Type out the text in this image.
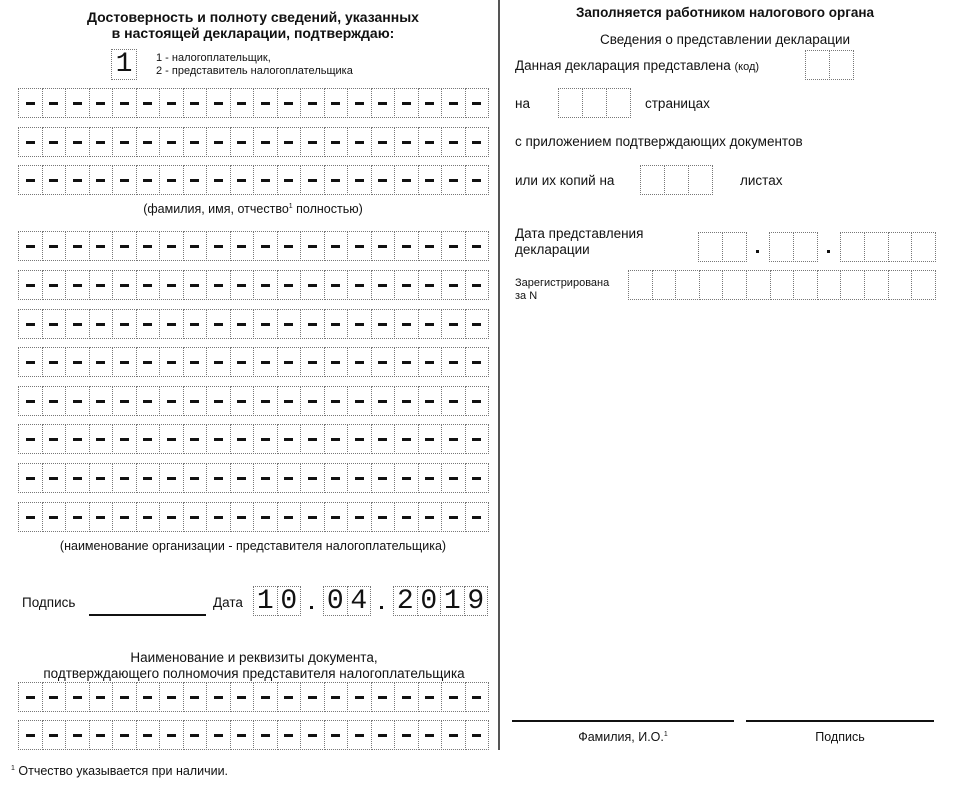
Достоверность и полноту сведений, указанных
в настоящей декларации, подтверждаю:
1	1 - налогоплательщик,
2 - представитель налогоплательщика
(фамилия, имя, отчество$^1$ полностью)
(наименование организации - представителя налогоплательщика)
Подпись	Дата 1 0 0 4 2 0 1 9
Наименование и реквизиты документа,
подтверждающего полномочия представителя налогоплательщика
$^1$ Отчество указывается при наличии.
Заполняется работником налогового органа
Сведения о представлении декларации
Данная декларация представлена (код)
на	страницах
с приложением подтверждающих документов
или их копий на	листах
Дата представления
декларации
Зарегистрирована
за N
Фамилия, И.О.$^1$	Подпись
